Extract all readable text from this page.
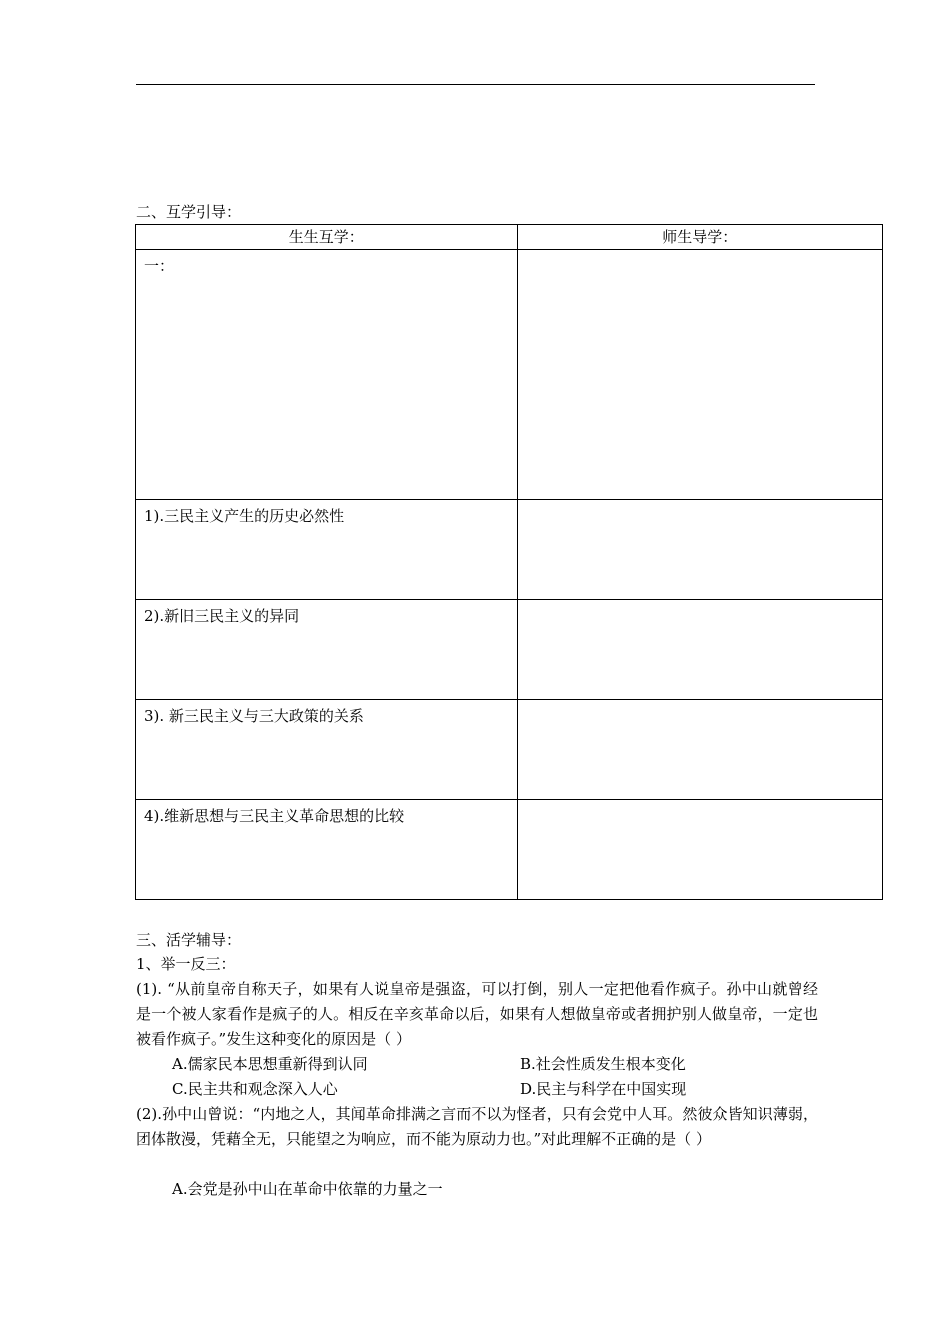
二、互学引导：
生生互学：	师生导学：

一：	

1).三民主义产生的历史必然性	

2).新旧三民主义的异同	

3). 新三民主义与三大政策的关系	

4).维新思想与三民主义革命思想的比较	

三、活学辅导：
1、举一反三：
(1). “从前皇帝自称天子，如果有人说皇帝是强盗，可以打倒，别人一定把他看作疯子。孙中山就曾经是一个被人家看作是疯子的人。相反在辛亥革命以后，如果有人想做皇帝或者拥护别人做皇帝，一定也被看作疯子。”发生这种变化的原因是（ ）
A.儒家民本思想重新得到认同	B.社会性质发生根本变化
C.民主共和观念深入人心	D.民主与科学在中国实现
(2).孙中山曾说：“内地之人，其闻革命排满之言而不以为怪者，只有会党中人耳。然彼众皆知识薄弱，团体散漫，凭藉全无，只能望之为响应，而不能为原动力也。”对此理解不正确的是（ ）
A.会党是孙中山在革命中依靠的力量之一
